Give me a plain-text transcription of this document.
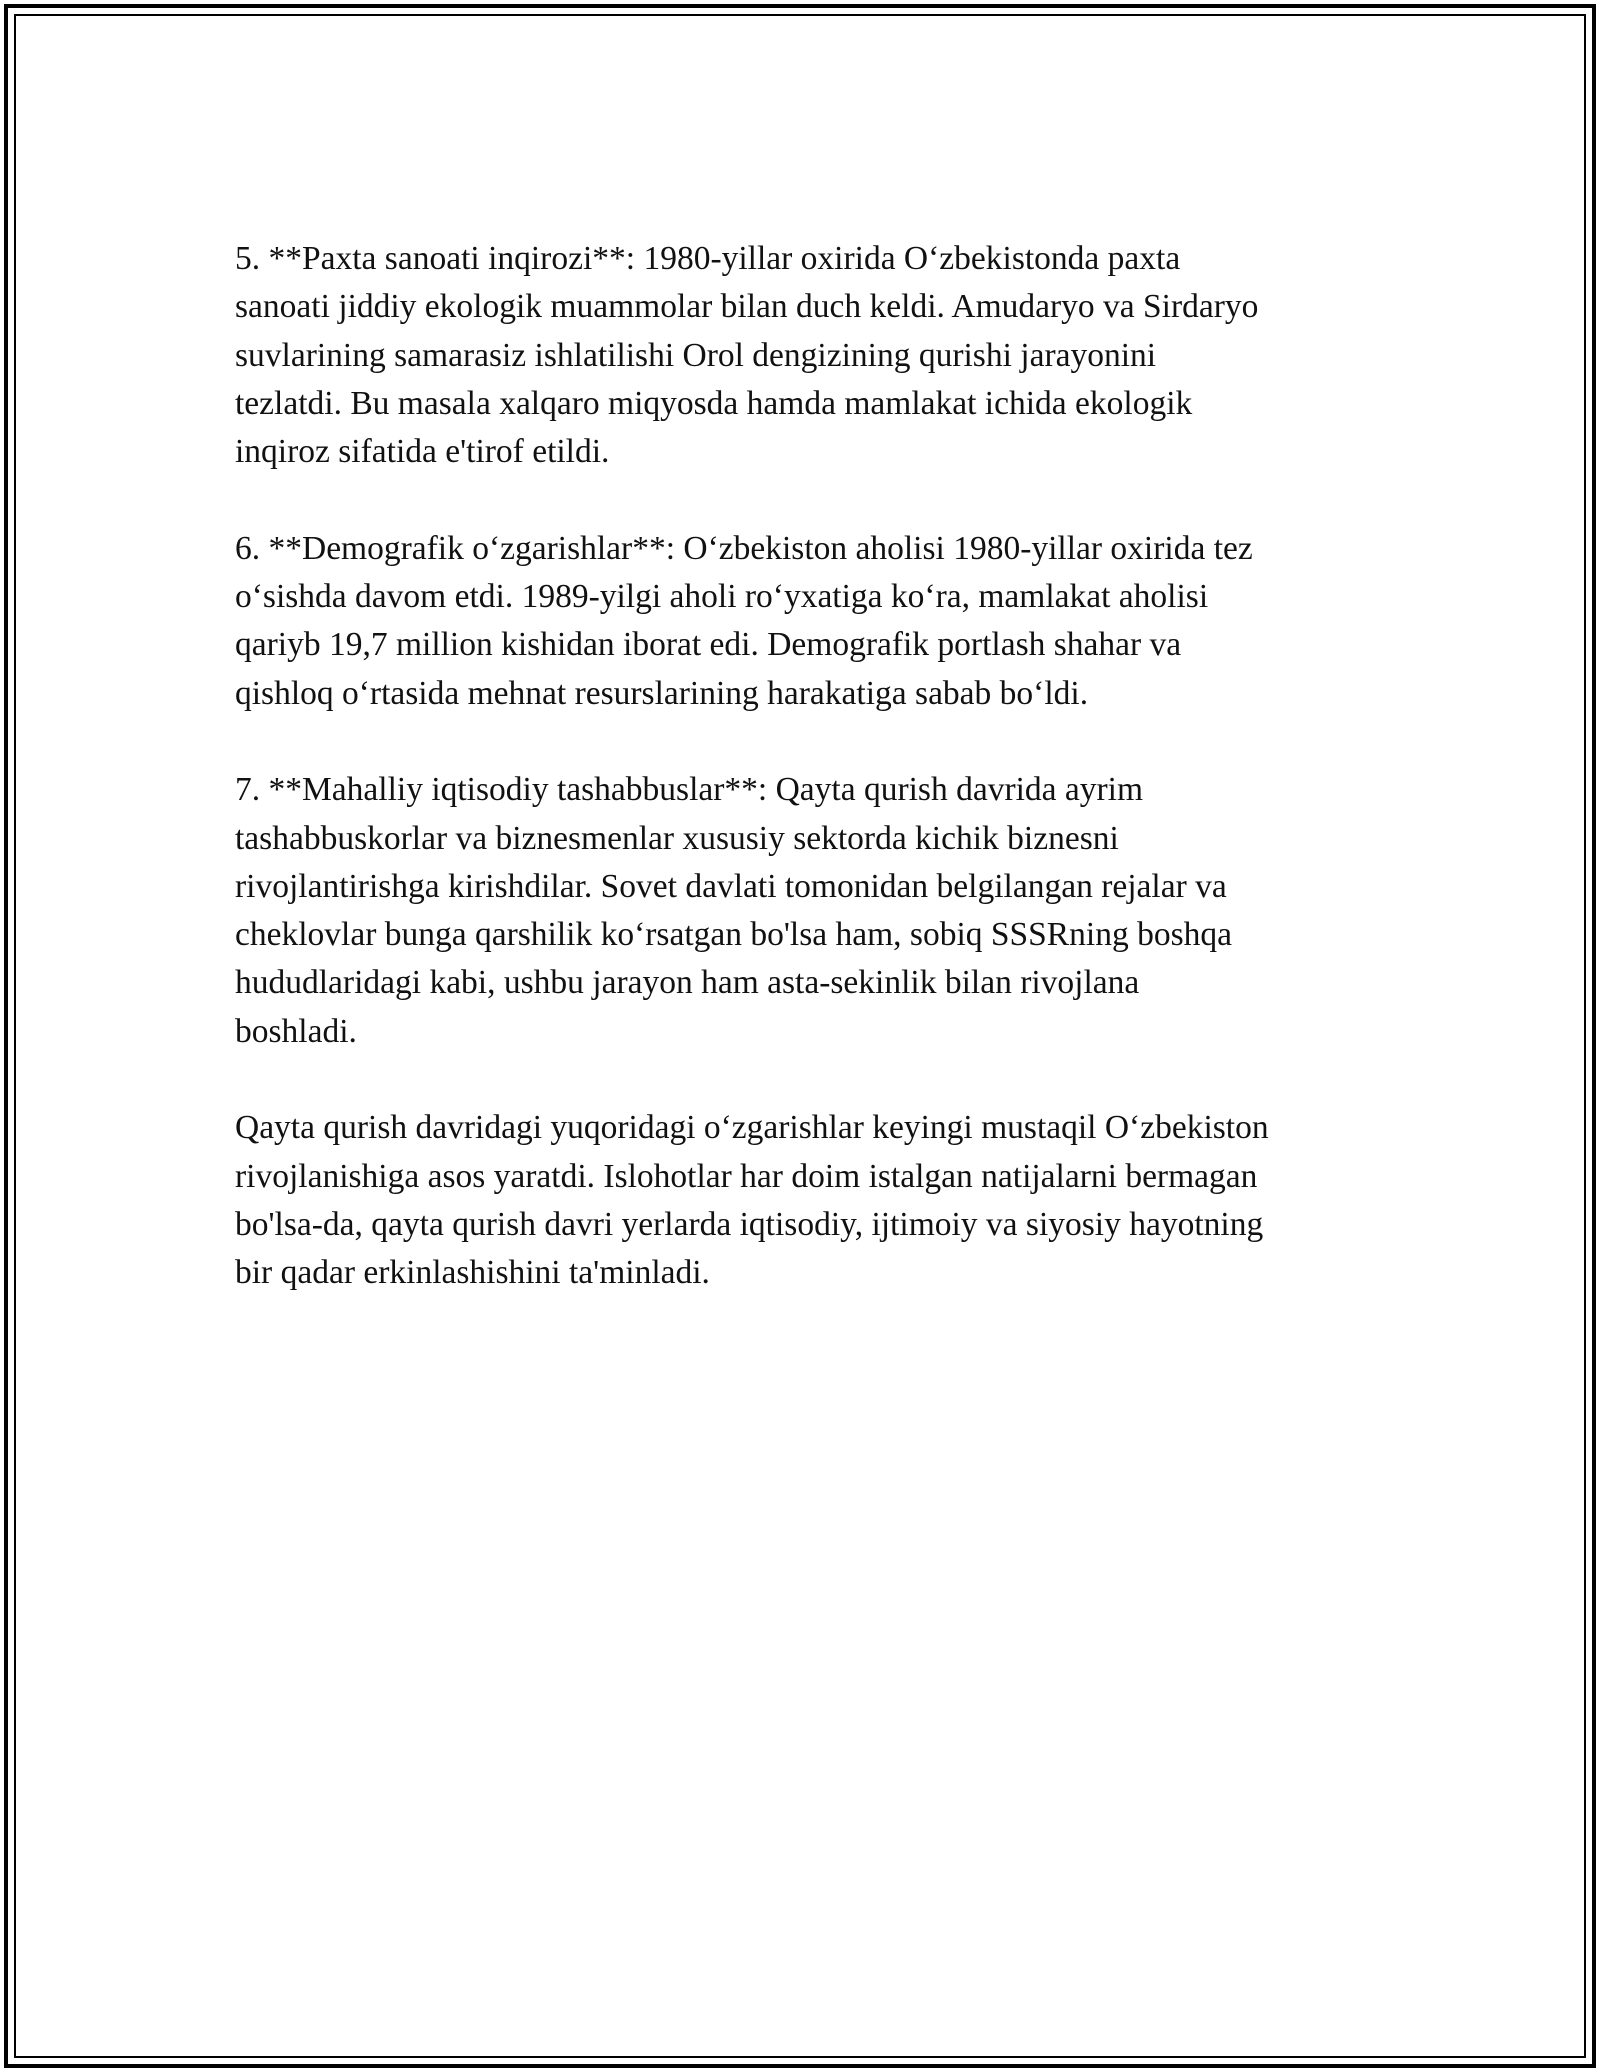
5. **Paxta sanoati inqirozi**: 1980-yillar oxirida O‘zbekistonda paxta
sanoati jiddiy ekologik muammolar bilan duch keldi. Amudaryo va Sirdaryo
suvlarining samarasiz ishlatilishi Orol dengizining qurishi jarayonini
tezlatdi. Bu masala xalqaro miqyosda hamda mamlakat ichida ekologik
inqiroz sifatida e'tirof etildi.

6. **Demografik o‘zgarishlar**: O‘zbekiston aholisi 1980-yillar oxirida tez
o‘sishda davom etdi. 1989-yilgi aholi ro‘yxatiga ko‘ra, mamlakat aholisi
qariyb 19,7 million kishidan iborat edi. Demografik portlash shahar va
qishloq o‘rtasida mehnat resurslarining harakatiga sabab bo‘ldi.

7. **Mahalliy iqtisodiy tashabbuslar**: Qayta qurish davrida ayrim
tashabbuskorlar va biznesmenlar xususiy sektorda kichik biznesni
rivojlantirishga kirishdilar. Sovet davlati tomonidan belgilangan rejalar va
cheklovlar bunga qarshilik ko‘rsatgan bo'lsa ham, sobiq SSSRning boshqa
hududlaridagi kabi, ushbu jarayon ham asta-sekinlik bilan rivojlana
boshladi.

Qayta qurish davridagi yuqoridagi o‘zgarishlar keyingi mustaqil O‘zbekiston
rivojlanishiga asos yaratdi. Islohotlar har doim istalgan natijalarni bermagan
bo'lsa-da, qayta qurish davri yerlarda iqtisodiy, ijtimoiy va siyosiy hayotning
bir qadar erkinlashishini ta'minladi.
